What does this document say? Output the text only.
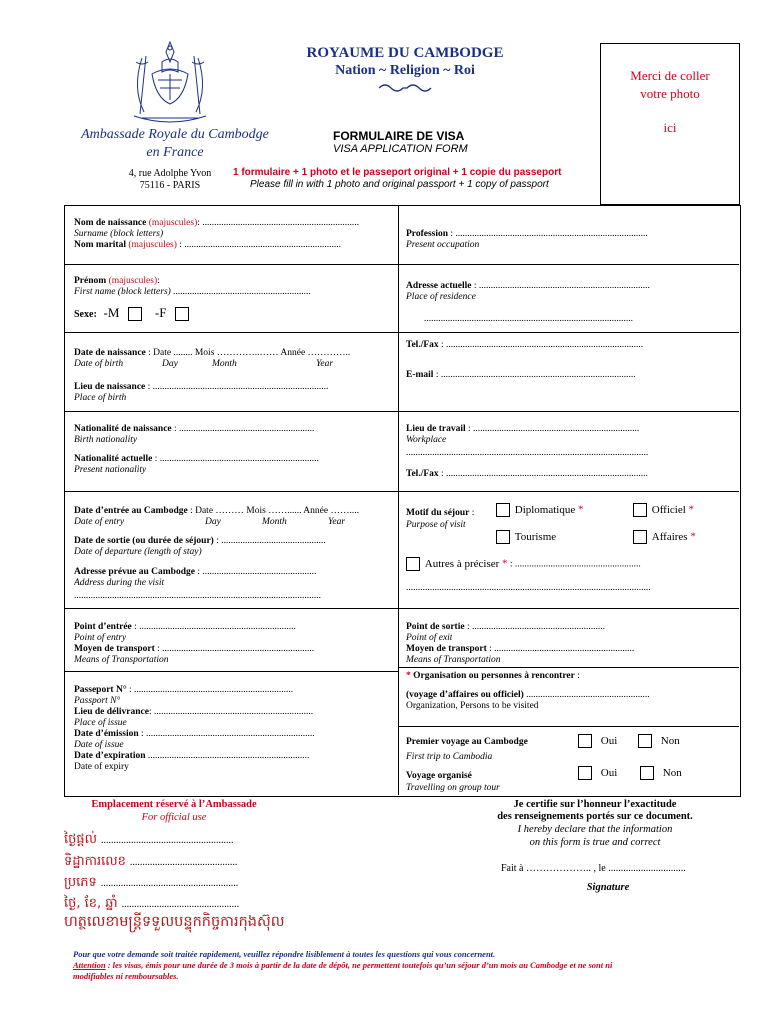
ROYAUME DU CAMBODGE
Nation ~ Religion ~ Roi
Ambassade Royale du Cambodge
en France
4, rue Adolphe Yvon
75116 - PARIS
FORMULAIRE DE VISA
VISA APPLICATION FORM
1 formulaire + 1 photo et le passeport original + 1 copie du passeport
Please fill in with 1 photo and original passport + 1 copy of passport
Merci de coller
votre photo
ici
Nom de naissance (majuscules): ..................................................................
Surname (block letters)
Nom marital (majuscules) : ..................................................................
Prénom (majuscules):
First name (block letters) ..........................................................
Sexe: -M	-F
Date de naissance : Date ........ Mois …………..…… Année …………..
Date of birth	Day	Month	Year
Lieu de naissance : ..........................................................................
Place of birth
Nationalité de naissance : .........................................................
Birth nationality
Nationalité actuelle : ...................................................................
Present nationality
Date d’entrée au Cambodge : Date ……… Mois ……...... Année ……....
Date of entry	Day	Month	Year
Date de sortie (ou durée de séjour) : ............................................
Date of departure (length of stay)
Adresse prévue au Cambodge : ................................................
Address during the visit
........................................................................................................
Point d’entrée : ..................................................................
Point of entry
Moyen de transport : ................................................................
Means of Transportation
Passeport N° : ...................................................................
Passport N°
Lieu de délivrance: ...................................................................
Place of issue
Date d’émission : .......................................................................
Date of issue
Date d’expiration ....................................................................
Date of expiry
Profession : .................................................................................
Present occupation
Adresse actuelle : ........................................................................
Place of residence
........................................................................................
Tel./Fax : ...................................................................................
E-mail : ..................................................................................
Lieu de travail : ......................................................................
Workplace
......................................................................................................
Tel./Fax : .....................................................................................
Motif du séjour :
Purpose of visit
Diplomatique *	Officiel *
Tourisme	Affaires *
Autres à préciser * : .....................................................
.......................................................................................................
Point de sortie : ........................................................
Point of exit
Moyen de transport : ...........................................................
Means of Transportation
* Organisation ou personnes à rencontrer :
(voyage d’affaires ou officiel) ....................................................
Organization, Persons to be visited
Premier voyage au Cambodge
First trip to Cambodia
Oui	Non
Voyage organisé
Travelling on group tour
Oui	Non
Emplacement réservé à l’Ambassade
For official use
ថ្ងៃផ្តល់ .....................................................
ទិដ្ឋាការលេខ ...........................................
ប្រភេទ .......................................................
ថ្ងៃ, ខែ, ឆ្នាំ ...............................................
ហត្ថលេខាមន្ត្រីទទួលបន្ទុកកិច្ចការកុងស៊ុល
Je certifie sur l’honneur l’exactitude
des renseignements portés sur ce document.
I hereby declare that the information
on this form is true and correct
Fait à ……………….. , le ...............................
Signature
Pour que votre demande soit traitée rapidement, veuillez répondre lisiblement à toutes les questions qui vous concernent.
Attention : les visas, émis pour une durée de 3 mois à partir de la date de dépôt, ne permettent toutefois qu’un séjour d’un mois au Cambodge et ne sont ni
modifiables ni remboursables.
